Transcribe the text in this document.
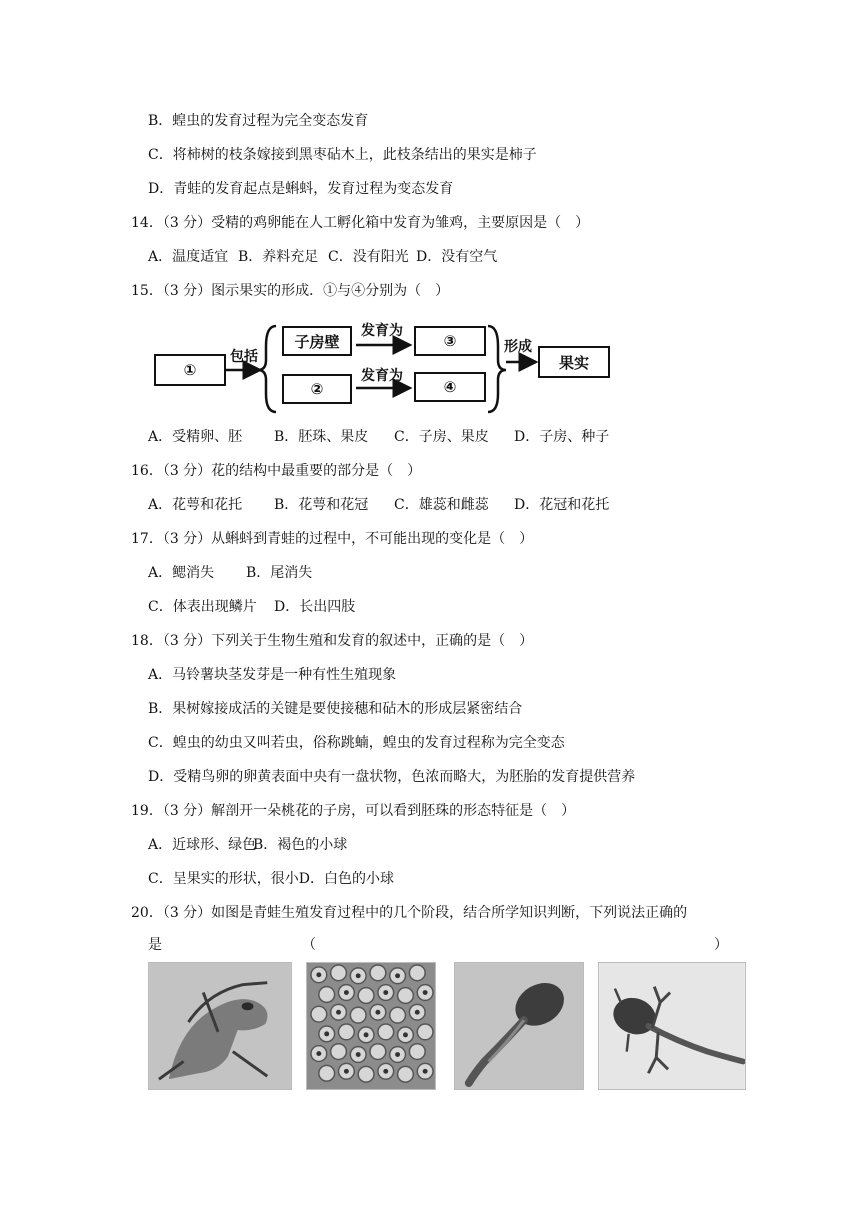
B．蝗虫的发育过程为完全变态发育
C．将柿树的枝条嫁接到黑枣砧木上，此枝条结出的果实是柿子
D．青蛙的发育起点是蝌蚪，发育过程为变态发育
14．（3 分）受精的鸡卵能在人工孵化箱中发育为雏鸡，主要原因是（　）
A．温度适宜 B．养料充足 C．没有阳光 D．没有空气
15．（3 分）图示果实的形成．①与④分别为（　）
①
包括
子房壁
②
发育为
发育为
③
④
形成
果实
A．受精卵、胚 B．胚珠、果皮 C．子房、果皮 D．子房、种子
16．（3 分）花的结构中最重要的部分是（　）
A．花萼和花托 B．花萼和花冠 C．雄蕊和雌蕊 D．花冠和花托
17．（3 分）从蝌蚪到青蛙的过程中，不可能出现的变化是（　）
A．鳃消失 B．尾消失
C．体表出现鳞片 D．长出四肢
18．（3 分）下列关于生物生殖和发育的叙述中，正确的是（　）
A．马铃薯块茎发芽是一种有性生殖现象
B．果树嫁接成活的关键是要使接穗和砧木的形成层紧密结合
C．蝗虫的幼虫又叫若虫，俗称跳蝻，蝗虫的发育过程称为完全变态
D．受精鸟卵的卵黄表面中央有一盘状物，色浓而略大，为胚胎的发育提供营养
19．（3 分）解剖开一朵桃花的子房，可以看到胚珠的形态特征是（　）
A．近球形、绿色B．褐色的小球
C．呈果实的形状，很小D．白色的小球
20．（3 分）如图是青蛙生殖发育过程中的几个阶段，结合所学知识判断，下列说法正确的
是	（	）
